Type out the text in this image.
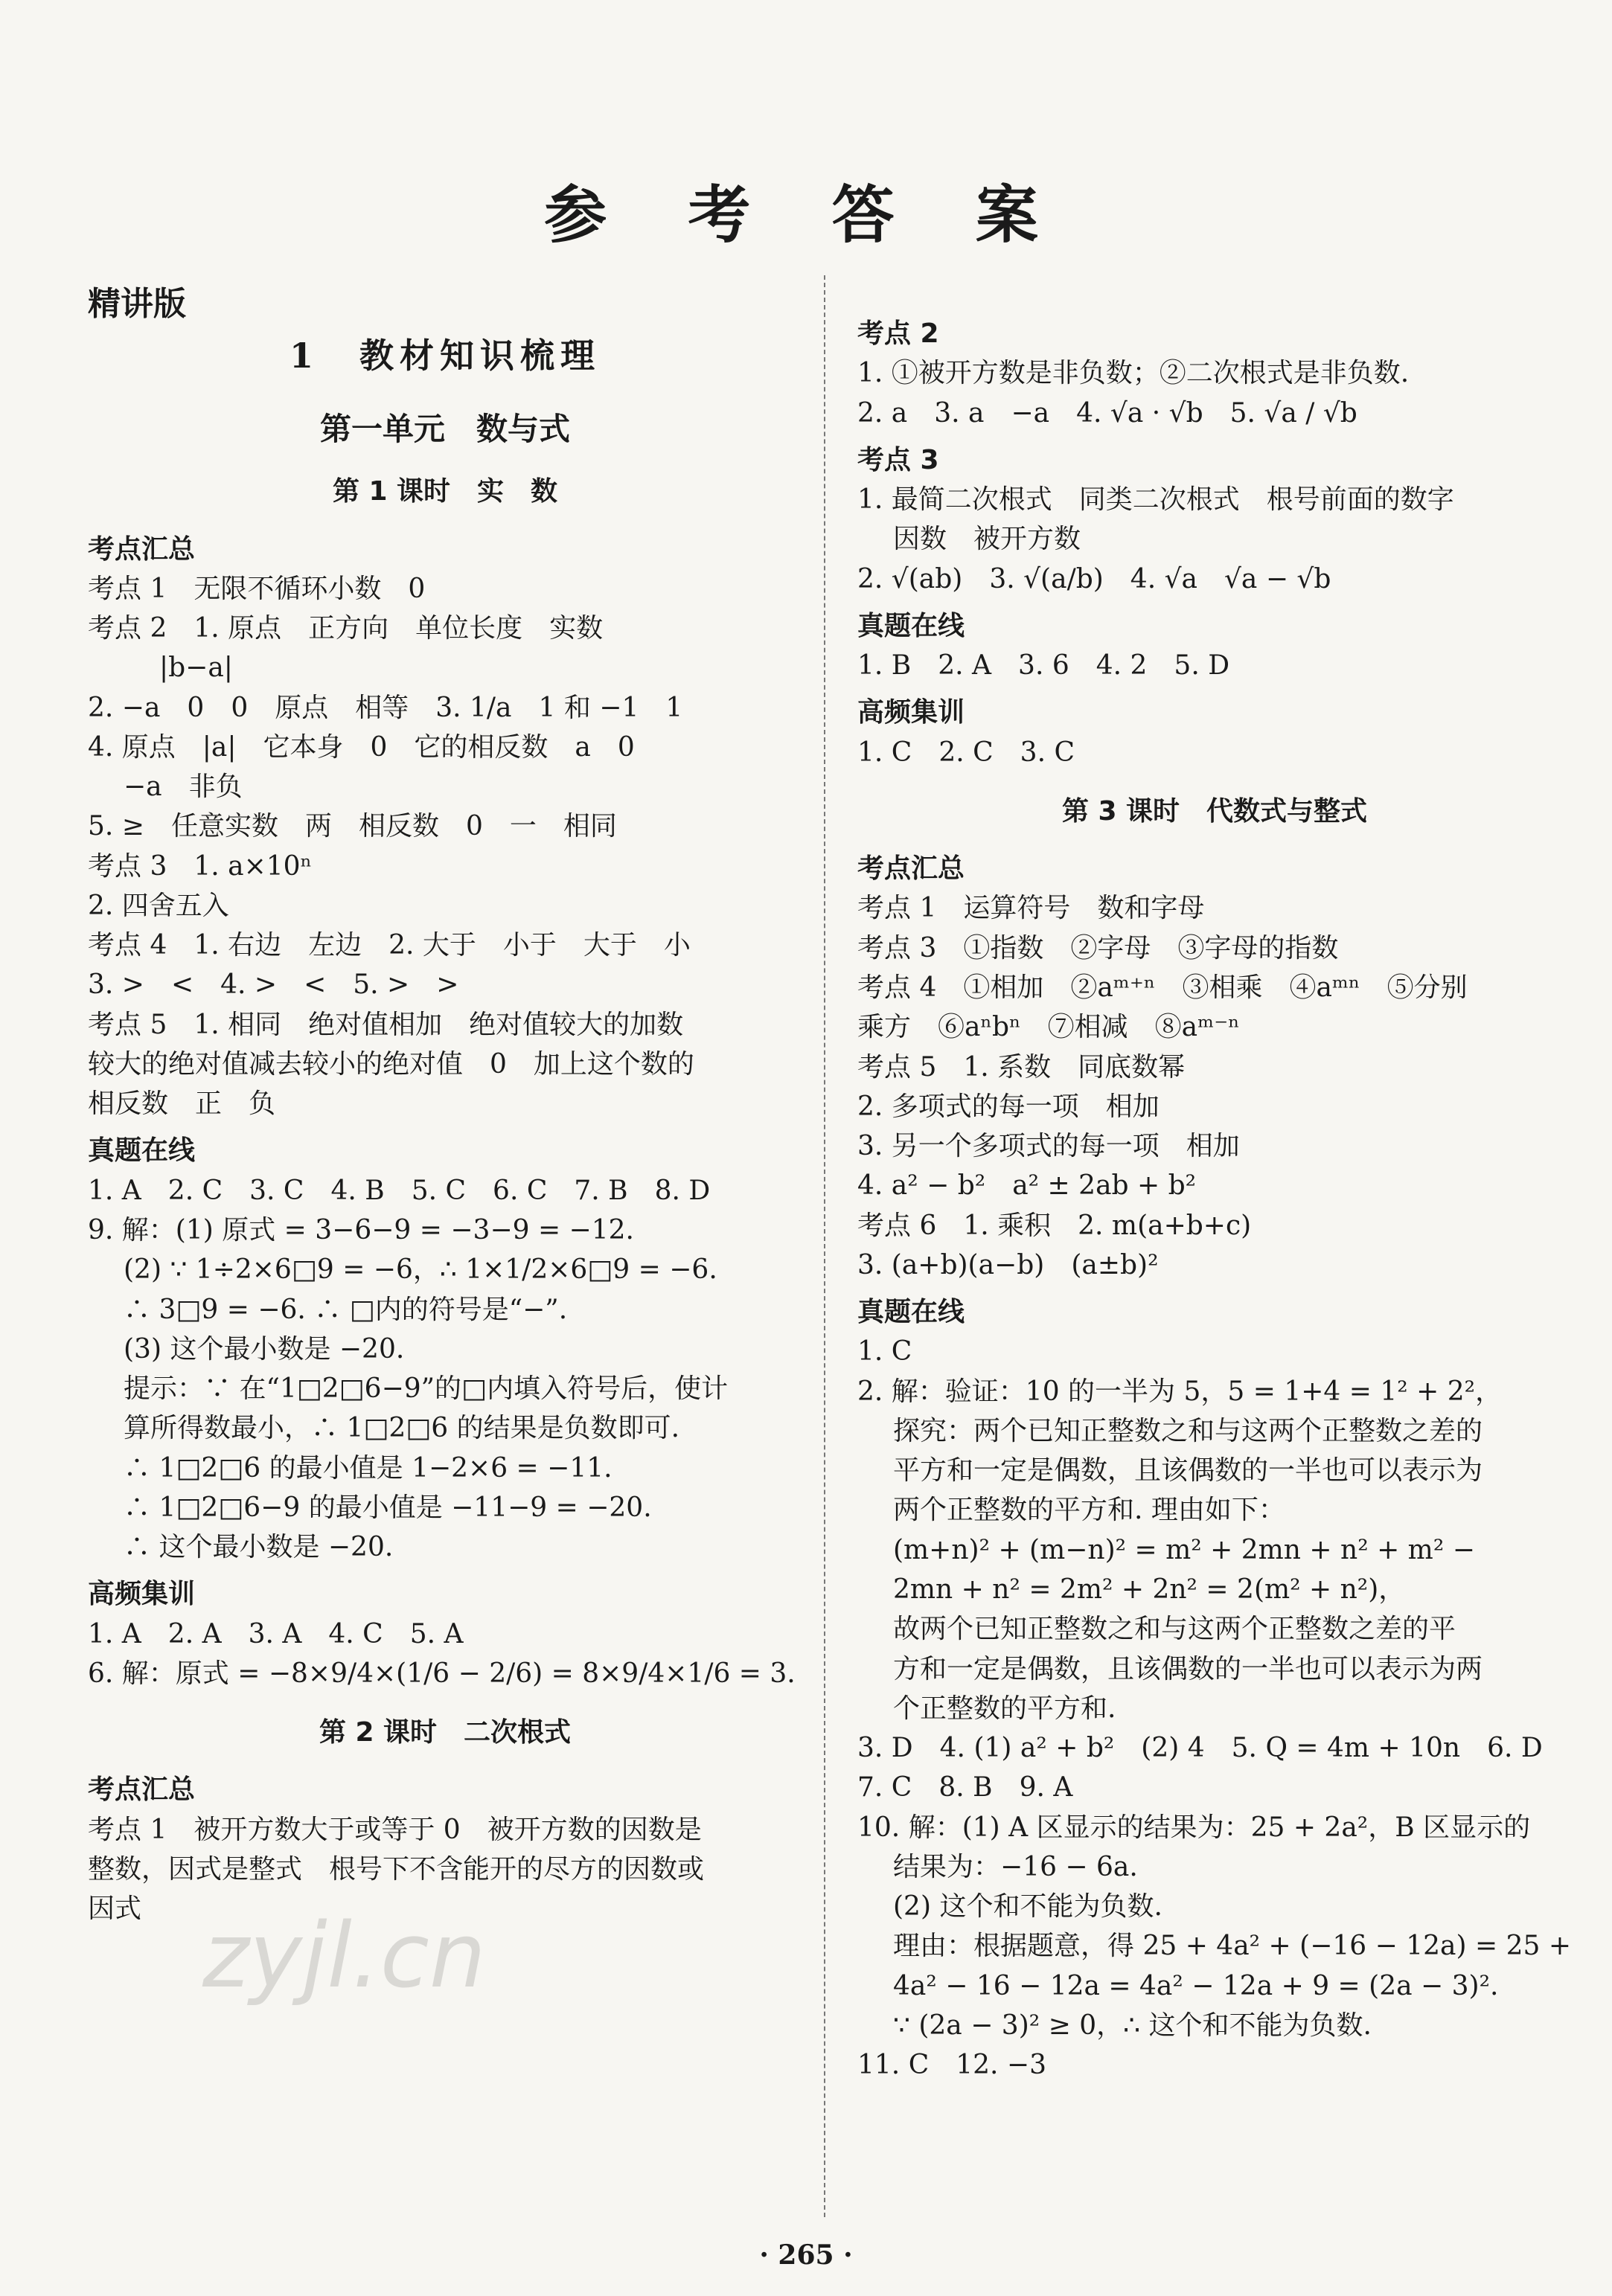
参 考 答 案
精讲版
1　教材知识梳理
第一单元　数与式
第 1 课时　实　数
考点汇总
考点 1　无限不循环小数　0
考点 2　1. 原点　正方向　单位长度　实数
|b−a|
2. −a　0　0　原点　相等　3. 1/a　1 和 −1　1
4. 原点　|a|　它本身　0　它的相反数　a　0
−a　非负
5. ≥　任意实数　两　相反数　0　一　相同
考点 3　1. a×10ⁿ
2. 四舍五入
考点 4　1. 右边　左边　2. 大于　小于　大于　小
3. >　<　4. >　<　5. >　>
考点 5　1. 相同　绝对值相加　绝对值较大的加数
较大的绝对值减去较小的绝对值　0　加上这个数的
相反数　正　负
真题在线
1. A　2. C　3. C　4. B　5. C　6. C　7. B　8. D
9. 解：(1) 原式 = 3−6−9 = −3−9 = −12.
(2) ∵ 1÷2×6□9 = −6，∴ 1×1/2×6□9 = −6.
∴ 3□9 = −6. ∴ □内的符号是“−”.
(3) 这个最小数是 −20.
提示：∵ 在“1□2□6−9”的□内填入符号后，使计
算所得数最小，∴ 1□2□6 的结果是负数即可.
∴ 1□2□6 的最小值是 1−2×6 = −11.
∴ 1□2□6−9 的最小值是 −11−9 = −20.
∴ 这个最小数是 −20.
高频集训
1. A　2. A　3. A　4. C　5. A
6. 解：原式 = −8×9/4×(1/6 − 2/6) = 8×9/4×1/6 = 3.
第 2 课时　二次根式
考点汇总
考点 1　被开方数大于或等于 0　被开方数的因数是
整数，因式是整式　根号下不含能开的尽方的因数或
因式
考点 2
1. ①被开方数是非负数；②二次根式是非负数.
2. a　3. a　−a　4. √a · √b　5. √a / √b
考点 3
1. 最简二次根式　同类二次根式　根号前面的数字
因数　被开方数
2. √(ab)　3. √(a/b)　4. √a　√a − √b
真题在线
1. B　2. A　3. 6　4. 2　5. D
高频集训
1. C　2. C　3. C
第 3 课时　代数式与整式
考点汇总
考点 1　运算符号　数和字母
考点 3　①指数　②字母　③字母的指数
考点 4　①相加　②aᵐ⁺ⁿ　③相乘　④aᵐⁿ　⑤分别
乘方　⑥aⁿbⁿ　⑦相减　⑧aᵐ⁻ⁿ
考点 5　1. 系数　同底数幂
2. 多项式的每一项　相加
3. 另一个多项式的每一项　相加
4. a² − b²　a² ± 2ab + b²
考点 6　1. 乘积　2. m(a+b+c)
3. (a+b)(a−b)　(a±b)²
真题在线
1. C
2. 解：验证：10 的一半为 5，5 = 1+4 = 1² + 2²，
探究：两个已知正整数之和与这两个正整数之差的
平方和一定是偶数，且该偶数的一半也可以表示为
两个正整数的平方和. 理由如下：
(m+n)² + (m−n)² = m² + 2mn + n² + m² −
2mn + n² = 2m² + 2n² = 2(m² + n²)，
故两个已知正整数之和与这两个正整数之差的平
方和一定是偶数，且该偶数的一半也可以表示为两
个正整数的平方和.
3. D　4. (1) a² + b²　(2) 4　5. Q = 4m + 10n　6. D
7. C　8. B　9. A
10. 解：(1) A 区显示的结果为：25 + 2a²，B 区显示的
结果为：−16 − 6a.
(2) 这个和不能为负数.
理由：根据题意，得 25 + 4a² + (−16 − 12a) = 25 +
4a² − 16 − 12a = 4a² − 12a + 9 = (2a − 3)².
∵ (2a − 3)² ≥ 0，∴ 这个和不能为负数.
11. C　12. −3
zyjl.cn
· 265 ·
